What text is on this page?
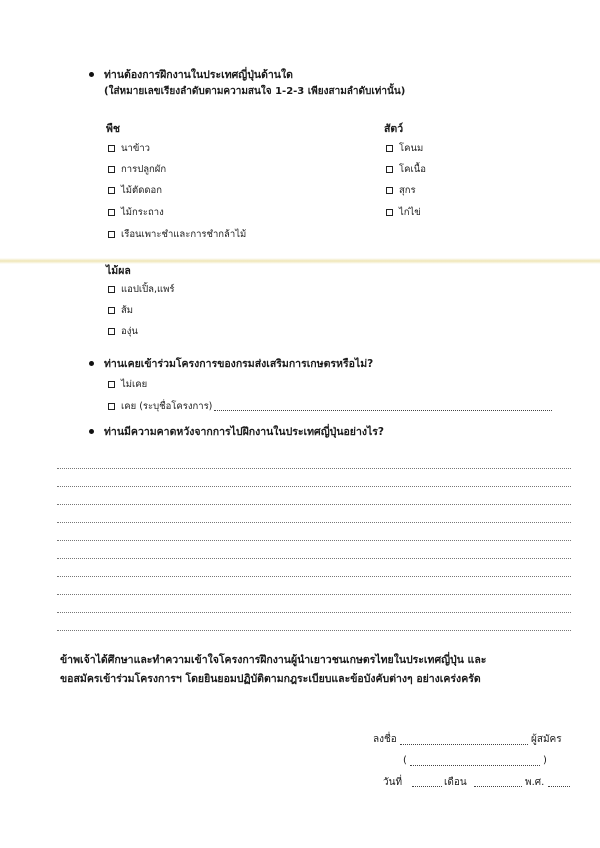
ท่านต้องการฝึกงานในประเทศญี่ปุ่นด้านใด
(ใส่หมายเลขเรียงลำดับตามความสนใจ 1-2-3 เพียงสามลำดับเท่านั้น)
พืช
นาข้าว
การปลูกผัก
ไม้ตัดดอก
ไม้กระถาง
เรือนเพาะชำและการชำกล้าไม้
สัตว์
โคนม
โคเนื้อ
สุกร
ไก่ไข่
ไม้ผล
แอปเปิ้ล,แพร์
ส้ม
องุ่น
ท่านเคยเข้าร่วมโครงการของกรมส่งเสริมการเกษตรหรือไม่?
ไม่เคย
เคย (ระบุชื่อโครงการ)
ท่านมีความคาดหวังจากการไปฝึกงานในประเทศญี่ปุ่นอย่างไร?
ข้าพเจ้าได้ศึกษาและทำความเข้าใจโครงการฝึกงานผู้นำเยาวชนเกษตรไทยในประเทศญี่ปุ่น และ
ขอสมัครเข้าร่วมโครงการฯ โดยยินยอมปฏิบัติตามกฎระเบียบและข้อบังคับต่างๆ อย่างเคร่งครัด
ลงชื่อ	ผู้สมัคร
(	)
วันที่	เดือน	พ.ศ.
